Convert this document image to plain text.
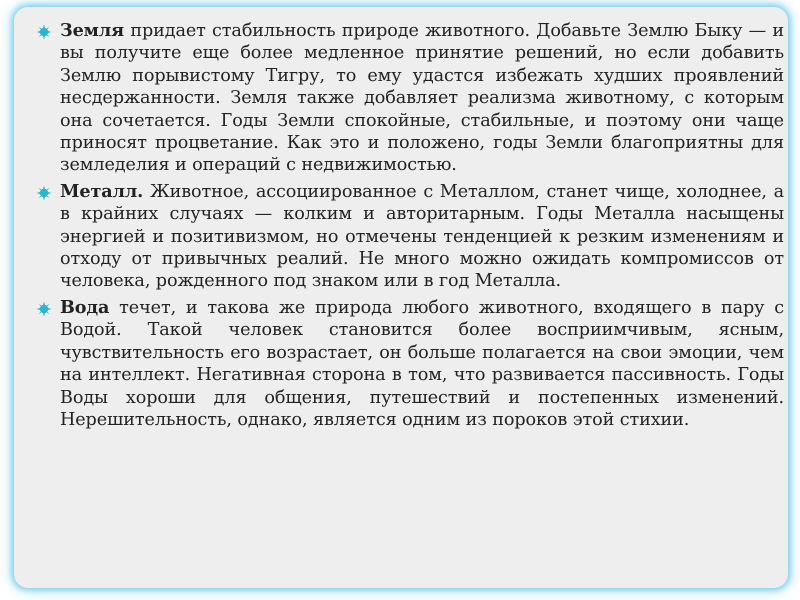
Земля придает стабильность природе животного. Добавьте Землю Быку — и вы получите еще более медленное принятие решений, но если добавить Землю порывистому Тигру, то ему удастся избежать худших проявлений несдержанности. Земля также добавляет реализма животному, с которым она сочетается. Годы Земли спокойные, стабильные, и поэтому они чаще приносят процветание. Как это и положено, годы Земли благоприятны для земледелия и операций с недвижимостью.
Металл. Животное, ассоциированное с Металлом, станет чище, холоднее, а в крайних случаях — колким и авторитарным. Годы Металла насыщены энергией и позитивизмом, но отмечены тенденцией к резким изменениям и отходу от привычных реалий. Не много можно ожидать компромиссов от человека, рожденного под знаком или в год Металла.
Вода течет, и такова же природа любого животного, входящего в пару с Водой. Такой человек становится более восприимчивым, ясным, чувствительность его возрастает, он больше полагается на свои эмоции, чем на интеллект. Негативная сторона в том, что развивается пассивность. Годы Воды хороши для общения, путешествий и постепенных изменений. Нерешительность, однако, является одним из пороков этой стихии.
